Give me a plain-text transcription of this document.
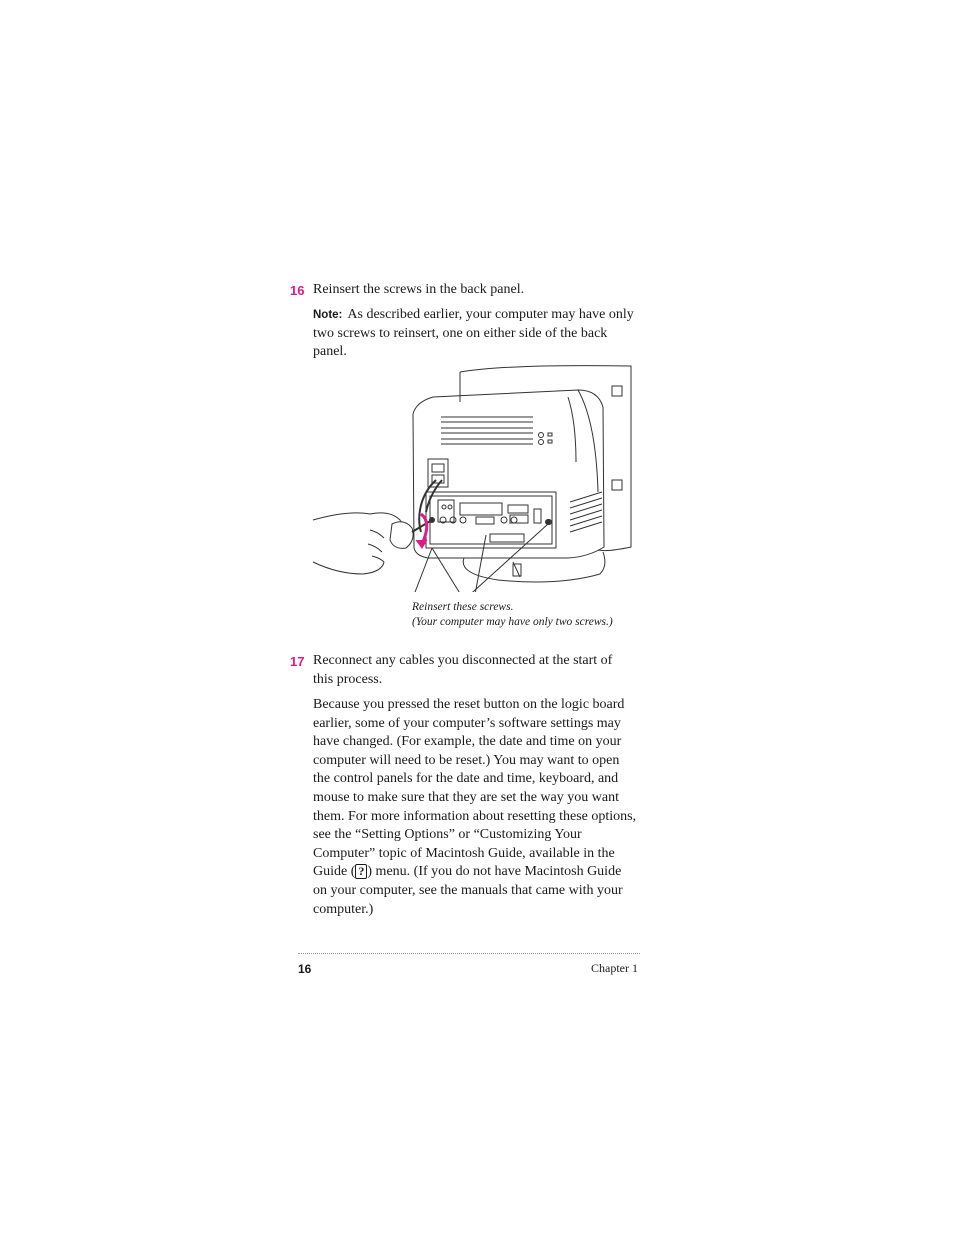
16 Reinsert the screws in the back panel.
Note: As described earlier, your computer may have only two screws to reinsert, one on either side of the back panel.
Reinsert these screws.
(Your computer may have only two screws.)
17 Reconnect any cables you disconnected at the start of this process.
Because you pressed the reset button on the logic board earlier, some of your computer’s software settings may have changed. (For example, the date and time on your computer will need to be reset.) You may want to open the control panels for the date and time, keyboard, and mouse to make sure that they are set the way you want them. For more information about resetting these options, see the “Setting Options” or “Customizing Your Computer” topic of Macintosh Guide, available in the Guide ( ? ) menu. (If you do not have Macintosh Guide on your computer, see the manuals that came with your computer.)
16	Chapter 1
